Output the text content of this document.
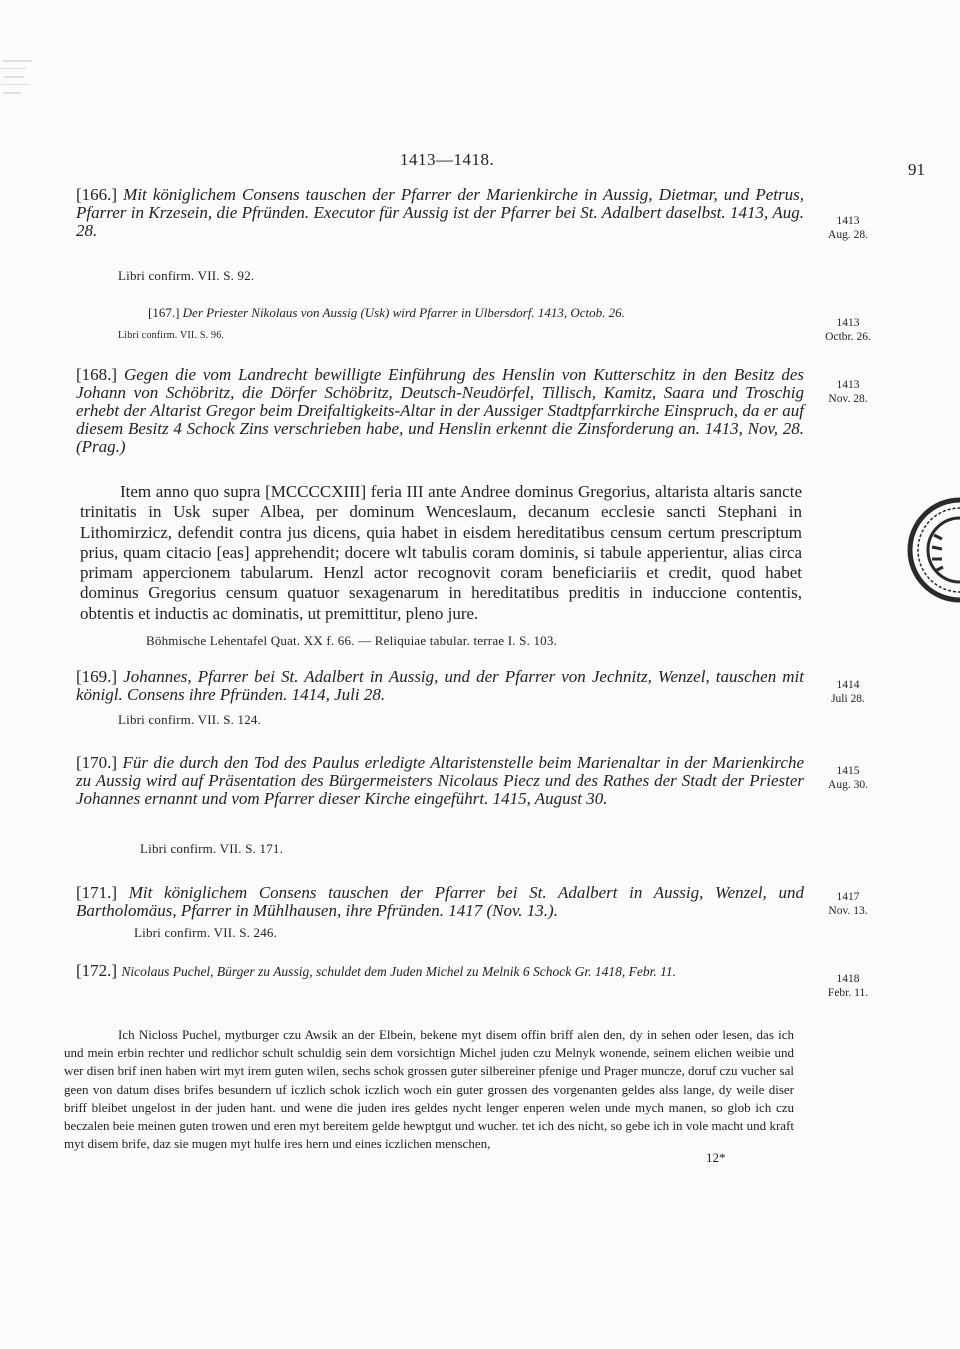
1413—1418.
91
[166.] Mit königlichem Consens tauschen der Pfarrer der Marienkirche in Aussig, Dietmar, und Petrus, Pfarrer in Krzesein, die Pfründen. Executor für Aussig ist der Pfarrer bei St. Adalbert daselbst. 1413, Aug. 28.
Libri confirm. VII. S. 92.
1413
Aug. 28.
[167.] Der Priester Nikolaus von Aussig (Usk) wird Pfarrer in Ulbersdorf. 1413, Octob. 26.
Libri confirm. VII. S. 96.
1413
Octbr. 26.
[168.] Gegen die vom Landrecht bewilligte Einführung des Henslin von Kutterschitz in den Besitz des Johann von Schöbritz, die Dörfer Schöbritz, Deutsch-Neudörfel, Tillisch, Kamitz, Saara und Troschig erhebt der Altarist Gregor beim Dreifaltigkeits-Altar in der Aussiger Stadtpfarrkirche Einspruch, da er auf diesem Besitz 4 Schock Zins verschrieben habe, und Henslin erkennt die Zinsforderung an. 1413, Nov, 28. (Prag.)
1413
Nov. 28.

Item anno quo supra [MCCCCXIII] feria III ante Andree dominus Gregorius, altarista altaris sancte trinitatis in Usk super Albea, per dominum Wenceslaum, decanum ecclesie sancti Stephani in Lithomirzicz, defendit contra jus dicens, quia habet in eisdem hereditatibus censum certum prescriptum prius, quam citacio [eas] apprehendit; docere wlt tabulis coram dominis, si tabule apperientur, alias circa primam appercionem tabularum. Henzl actor recognovit coram beneficiariis et credit, quod habet dominus Gregorius censum quatuor sexagenarum in hereditatibus preditis in induccione contentis, obtentis et inductis ac dominatis, ut premittitur, pleno jure.

Böhmische Lehentafel Quat. XX f. 66. — Reliquiae tabular. terrae I. S. 103.
[169.] Johannes, Pfarrer bei St. Adalbert in Aussig, und der Pfarrer von Jechnitz, Wenzel, tauschen mit königl. Consens ihre Pfründen. 1414, Juli 28.
Libri confirm. VII. S. 124.
1414
Juli 28.
[170.] Für die durch den Tod des Paulus erledigte Altaristenstelle beim Marienaltar in der Marienkirche zu Aussig wird auf Präsentation des Bürgermeisters Nicolaus Piecz und des Rathes der Stadt der Priester Johannes ernannt und vom Pfarrer dieser Kirche eingeführt. 1415, August 30.
Libri confirm. VII. S. 171.
1415
Aug. 30.
[171.] Mit königlichem Consens tauschen der Pfarrer bei St. Adalbert in Aussig, Wenzel, und Bartholomäus, Pfarrer in Mühlhausen, ihre Pfründen. 1417 (Nov. 13.).
Libri confirm. VII. S. 246.
1417
Nov. 13.
[172.] Nicolaus Puchel, Bürger zu Aussig, schuldet dem Juden Michel zu Melnik 6 Schock Gr. 1418, Febr. 11.	1418
Febr. 11.

Ich Nicloss Puchel, mytburger czu Awsik an der Elbein, bekene myt disem offin briff alen den, dy in sehen oder lesen, das ich und mein erbin rechter und redlichor schult schuldig sein dem vorsichtign Michel juden czu Melnyk wonende, seinem elichen weibie und wer disen brif inen haben wirt myt irem guten wilen, sechs schok grossen guter silbereiner pfenige und Prager muncze, doruf czu vucher sal geen von datum dises brifes besundern uf iczlich schok iczlich woch ein guter grossen des vorgenanten geldes alss lange, dy weile diser briff bleibet ungelost in der juden hant. und wene die juden ires geldes nycht lenger enperen welen unde mych manen, so glob ich czu beczalen beie meinen guten trowen und eren myt bereitem gelde hewptgut und wucher. tet ich des nicht, so gebe ich in vole macht und kraft myt disem brife, daz sie mugen myt hulfe ires hern und eines iczlichen menschen,

12*
